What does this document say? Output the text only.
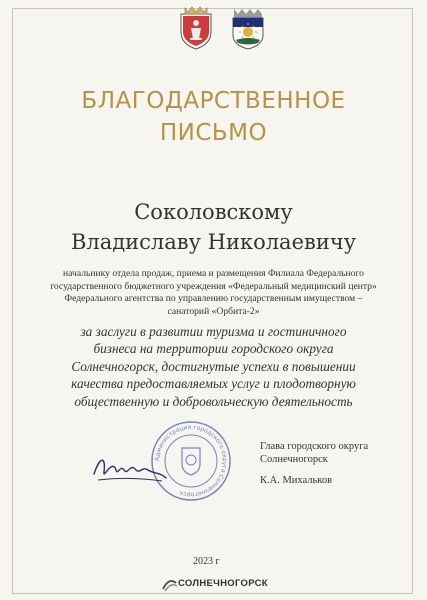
БЛАГОДАРСТВЕННОЕ
ПИСЬМО
Соколовскому
Владиславу Николаевичу
начальнику отдела продаж, приема и размещения Филиала Федерального
государственного бюджетного учреждения «Федеральный медицинский центр»
Федерального агентства по управлению государственным имуществом –
санаторий «Орбита-2»
за заслуги в развитии туризма и гостиничного
бизнеса на территории городского округа
Солнечногорск, достигнутые успехи в повышении
качества предоставляемых услуг и плодотворную
общественную и добровольческую деятельность
Администрация городского округа Солнечногорск
Глава городского округа
Солнечногорск
К.А. Михальков
2023 г
СОЛНЕЧНОГОРСК
